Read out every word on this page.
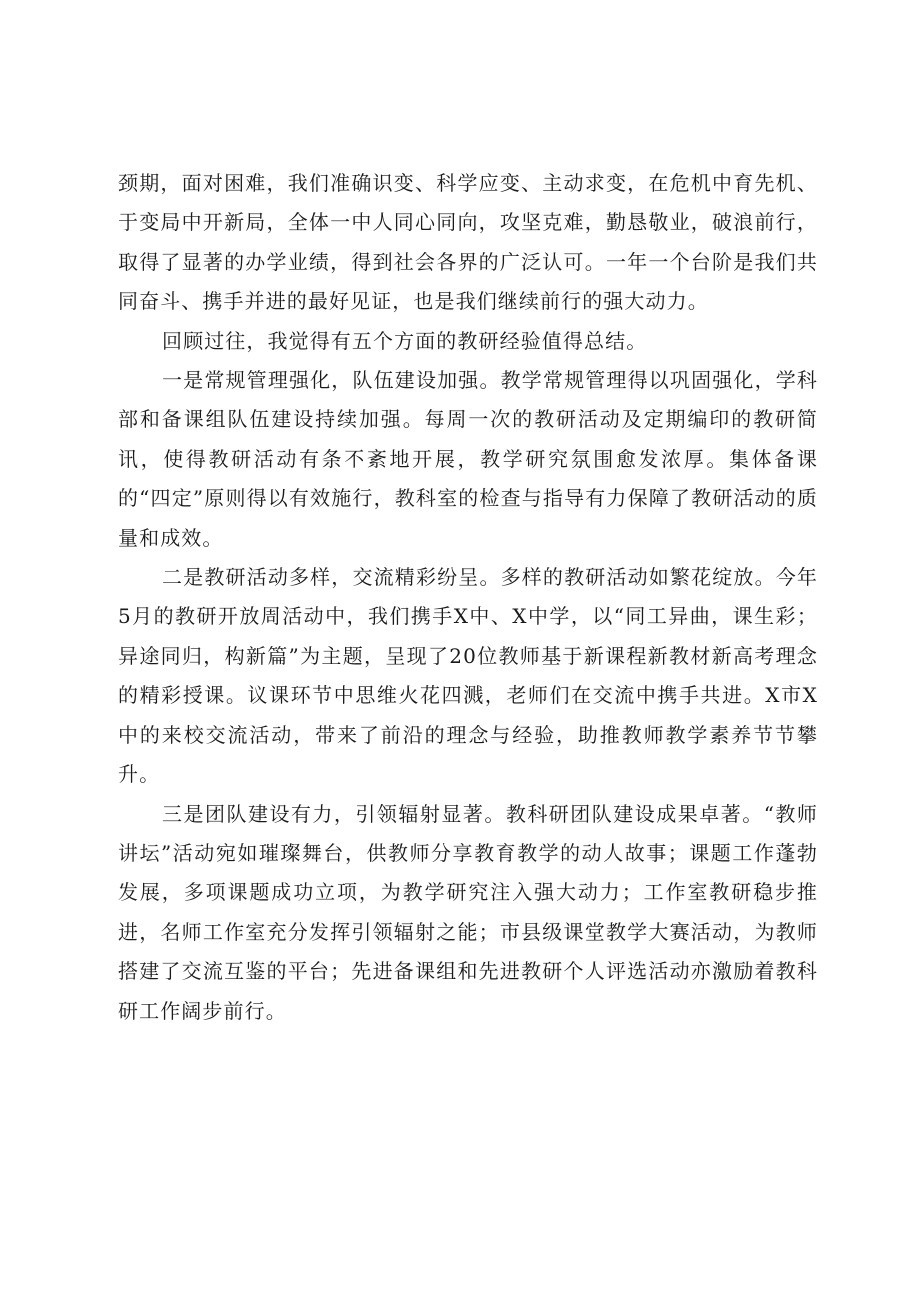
颈期，面对困难，我们准确识变、科学应变、主动求变，在危机中育先机、于变局中开新局，全体一中人同心同向，攻坚克难，勤恳敬业，破浪前行，取得了显著的办学业绩，得到社会各界的广泛认可。一年一个台阶是我们共同奋斗、携手并进的最好见证，也是我们继续前行的强大动力。

回顾过往，我觉得有五个方面的教研经验值得总结。

一是常规管理强化，队伍建设加强。教学常规管理得以巩固强化，学科部和备课组队伍建设持续加强。每周一次的教研活动及定期编印的教研简讯，使得教研活动有条不紊地开展，教学研究氛围愈发浓厚。集体备课的“四定”原则得以有效施行，教科室的检查与指导有力保障了教研活动的质量和成效。

二是教研活动多样，交流精彩纷呈。多样的教研活动如繁花绽放。今年5月的教研开放周活动中，我们携手X中、X中学，以“同工异曲，课生彩；异途同归，构新篇”为主题，呈现了20位教师基于新课程新教材新高考理念的精彩授课。议课环节中思维火花四溅，老师们在交流中携手共进。X市X中的来校交流活动，带来了前沿的理念与经验，助推教师教学素养节节攀升。

三是团队建设有力，引领辐射显著。教科研团队建设成果卓著。“教师讲坛”活动宛如璀璨舞台，供教师分享教育教学的动人故事；课题工作蓬勃发展，多项课题成功立项，为教学研究注入强大动力；工作室教研稳步推进，名师工作室充分发挥引领辐射之能；市县级课堂教学大赛活动，为教师搭建了交流互鉴的平台；先进备课组和先进教研个人评选活动亦激励着教科研工作阔步前行。
